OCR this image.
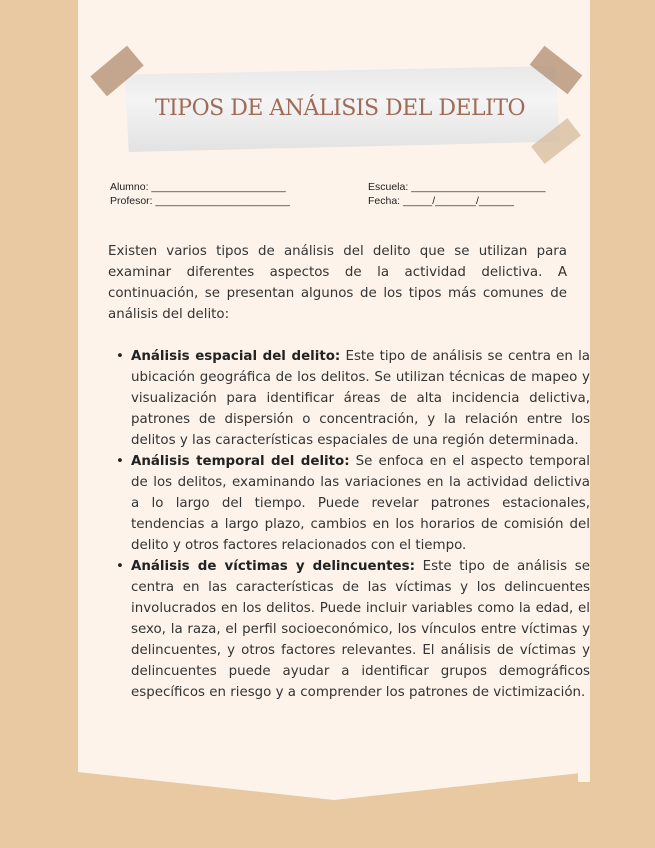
TIPOS DE ANÁLISIS DEL DELITO
Alumno: _______________________
Profesor: _______________________
Escuela: _______________________
Fecha: _____/_______/______

Existen varios tipos de análisis del delito que se utilizan para examinar diferentes aspectos de la actividad delictiva. A continuación, se presentan algunos de los tipos más comunes de análisis del delito:

• Análisis espacial del delito: Este tipo de análisis se centra en la ubicación geográfica de los delitos. Se utilizan técnicas de mapeo y visualización para identificar áreas de alta incidencia delictiva, patrones de dispersión o concentración, y la relación entre los delitos y las características espaciales de una región determinada.
• Análisis temporal del delito: Se enfoca en el aspecto temporal de los delitos, examinando las variaciones en la actividad delictiva a lo largo del tiempo. Puede revelar patrones estacionales, tendencias a largo plazo, cambios en los horarios de comisión del delito y otros factores relacionados con el tiempo.
• Análisis de víctimas y delincuentes: Este tipo de análisis se centra en las características de las víctimas y los delincuentes involucrados en los delitos. Puede incluir variables como la edad, el sexo, la raza, el perfil socioeconómico, los vínculos entre víctimas y delincuentes, y otros factores relevantes. El análisis de víctimas y delincuentes puede ayudar a identificar grupos demográficos específicos en riesgo y a comprender los patrones de victimización.
